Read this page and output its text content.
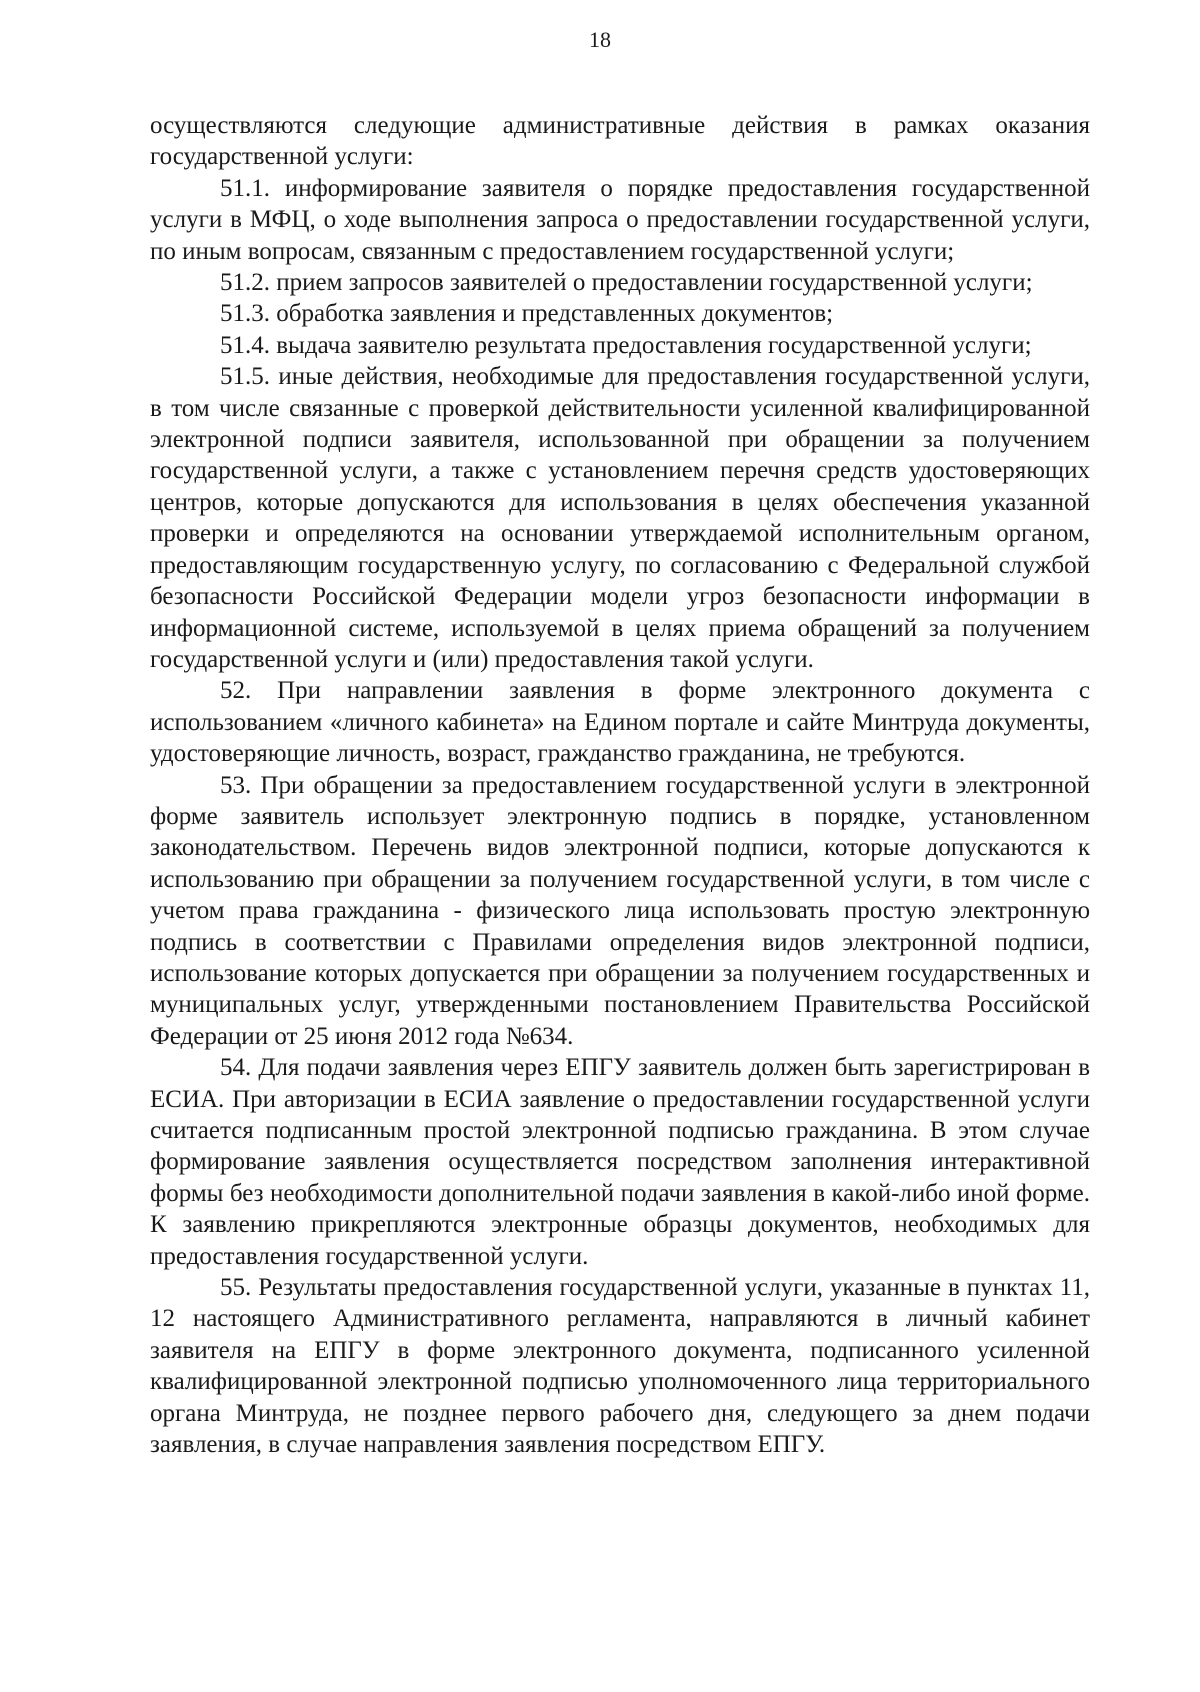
18

осуществляются следующие административные действия в рамках оказания государственной услуги:

51.1. информирование заявителя о порядке предоставления государственной услуги в МФЦ, о ходе выполнения запроса о предоставлении государственной услуги, по иным вопросам, связанным с предоставлением государственной услуги;

51.2. прием запросов заявителей о предоставлении государственной услуги;

51.3. обработка заявления и представленных документов;

51.4. выдача заявителю результата предоставления государственной услуги;

51.5. иные действия, необходимые для предоставления государственной услуги, в том числе связанные с проверкой действительности усиленной квалифицированной электронной подписи заявителя, использованной при обращении за получением государственной услуги, а также с установлением перечня средств удостоверяющих центров, которые допускаются для использования в целях обеспечения указанной проверки и определяются на основании утверждаемой исполнительным органом, предоставляющим государственную услугу, по согласованию с Федеральной службой безопасности Российской Федерации модели угроз безопасности информации в информационной системе, используемой в целях приема обращений за получением государственной услуги и (или) предоставления такой услуги.

52. При направлении заявления в форме электронного документа с использованием «личного кабинета» на Едином портале и сайте Минтруда документы, удостоверяющие личность, возраст, гражданство гражданина, не требуются.

53. При обращении за предоставлением государственной услуги в электронной форме заявитель использует электронную подпись в порядке, установленном законодательством. Перечень видов электронной подписи, которые допускаются к использованию при обращении за получением государственной услуги, в том числе с учетом права гражданина - физического лица использовать простую электронную подпись в соответствии с Правилами определения видов электронной подписи, использование которых допускается при обращении за получением государственных и муниципальных услуг, утвержденными постановлением Правительства Российской Федерации от 25 июня 2012 года №634.

54. Для подачи заявления через ЕПГУ заявитель должен быть зарегистрирован в ЕСИА. При авторизации в ЕСИА заявление о предоставлении государственной услуги считается подписанным простой электронной подписью гражданина. В этом случае формирование заявления осуществляется посредством заполнения интерактивной формы без необходимости дополнительной подачи заявления в какой-либо иной форме. К заявлению прикрепляются электронные образцы документов, необходимых для предоставления государственной услуги.

55. Результаты предоставления государственной услуги, указанные в пунктах 11, 12 настоящего Административного регламента, направляются в личный кабинет заявителя на ЕПГУ в форме электронного документа, подписанного усиленной квалифицированной электронной подписью уполномоченного лица территориального органа Минтруда, не позднее первого рабочего дня, следующего за днем подачи заявления, в случае направления заявления посредством ЕПГУ.
